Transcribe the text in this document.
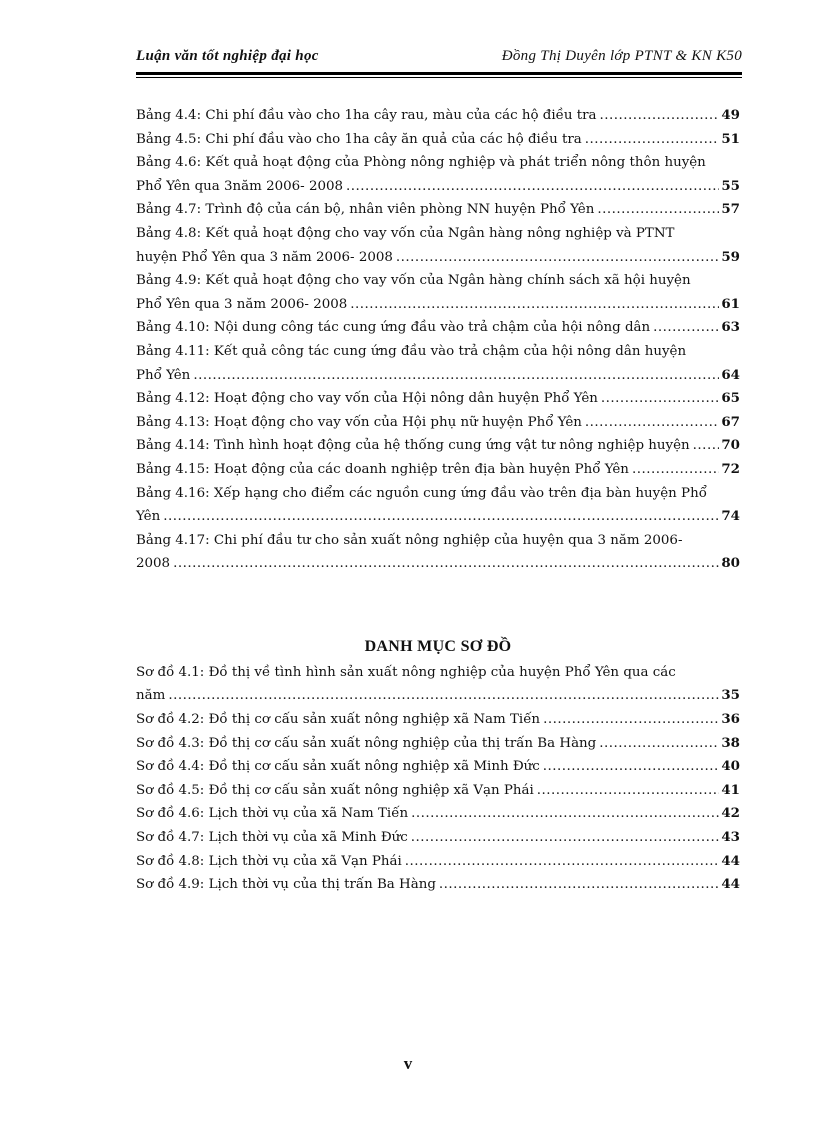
Luận văn tốt nghiệp đại học	Đồng Thị Duyên lớp PTNT & KN K50
Bảng 4.4: Chi phí đầu vào cho 1ha cây rau, màu của các hộ điều tra .....	49
Bảng 4.5: Chi phí đầu vào cho 1ha cây ăn quả của các hộ điều tra .....	51
Bảng 4.6: Kết quả hoạt động của Phòng nông nghiệp và phát triển nông thôn huyện
Phổ Yên qua 3năm 2006- 2008 .....	55
Bảng 4.7: Trình độ của cán bộ, nhân viên phòng NN huyện Phổ Yên .....	57
Bảng 4.8: Kết quả hoạt động cho vay vốn của Ngân hàng nông nghiệp và PTNT
huyện Phổ Yên qua 3 năm 2006- 2008 .....	59
Bảng 4.9: Kết quả hoạt động cho vay vốn của Ngân hàng chính sách xã hội huyện
Phổ Yên qua 3 năm 2006- 2008 .....	61
Bảng 4.10: Nội dung công tác cung ứng đầu vào trả chậm của hội nông dân .....	63
Bảng 4.11: Kết quả công tác cung ứng đầu vào trả chậm của hội nông dân huyện
Phổ Yên .....	64
Bảng 4.12: Hoạt động cho vay vốn của Hội nông dân huyện Phổ Yên .....	65
Bảng 4.13: Hoạt động cho vay vốn của Hội phụ nữ huyện Phổ Yên .....	67
Bảng 4.14: Tình hình hoạt động của hệ thống cung ứng vật tư nông nghiệp huyện ..... 70
Bảng 4.15: Hoạt động của các doanh nghiệp trên địa bàn huyện Phổ Yên .....	72
Bảng 4.16: Xếp hạng cho điểm các nguồn cung ứng đầu vào trên địa bàn huyện Phổ
Yên .....	74
Bảng 4.17: Chi phí đầu tư cho sản xuất nông nghiệp của huyện qua 3 năm 2006-
2008 .....	80
DANH MỤC SƠ ĐỒ
Sơ đồ 4.1: Đồ thị về tình hình sản xuất nông nghiệp của huyện Phổ Yên qua các
năm .....	35
Sơ đồ 4.2: Đồ thị cơ cấu sản xuất nông nghiệp xã Nam Tiến .....	36
Sơ đồ 4.3: Đồ thị cơ cấu sản xuất nông nghiệp của thị trấn Ba Hàng .....	38
Sơ đồ 4.4: Đồ thị cơ cấu sản xuất nông nghiệp xã Minh Đức .....	40
Sơ đồ 4.5: Đồ thị cơ cấu sản xuất nông nghiệp xã Vạn Phái .....	41
Sơ đồ 4.6: Lịch thời vụ của xã Nam Tiến .....	42
Sơ đồ 4.7: Lịch thời vụ của xã Minh Đức .....	43
Sơ đồ 4.8: Lịch thời vụ của xã Vạn Phái .....	44
Sơ đồ 4.9: Lịch thời vụ của thị trấn Ba Hàng .....	44
v
